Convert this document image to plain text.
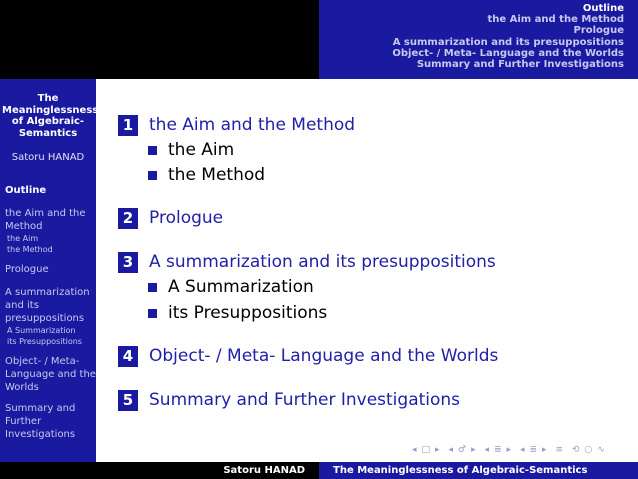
Outline
the Aim and the Method
Prologue
A summarization and its presuppositions
Object- / Meta- Language and the Worlds
Summary and Further Investigations
The
Meaninglessness
of Algebraic-
Semantics
Satoru HANAD
Outline
the Aim and the
Method
the Aim
the Method
Prologue
A summarization
and its
presuppositions
A Summarization
its Presuppositions
Object- / Meta-
Language and the
Worlds
Summary and
Further
Investigations
1 the Aim and the Method
the Aim
the Method
2 Prologue
3 A summarization and its presuppositions
A Summarization
its Presuppositions
4 Object- / Meta- Language and the Worlds
5 Summary and Further Investigations
◂ □ ▸ ◂ ♂ ▸ ◂ ≣ ▸ ◂ ≣ ▸ ≡ ⟲ ○ ∿
Satoru HANAD	The Meaninglessness of Algebraic-Semantics
